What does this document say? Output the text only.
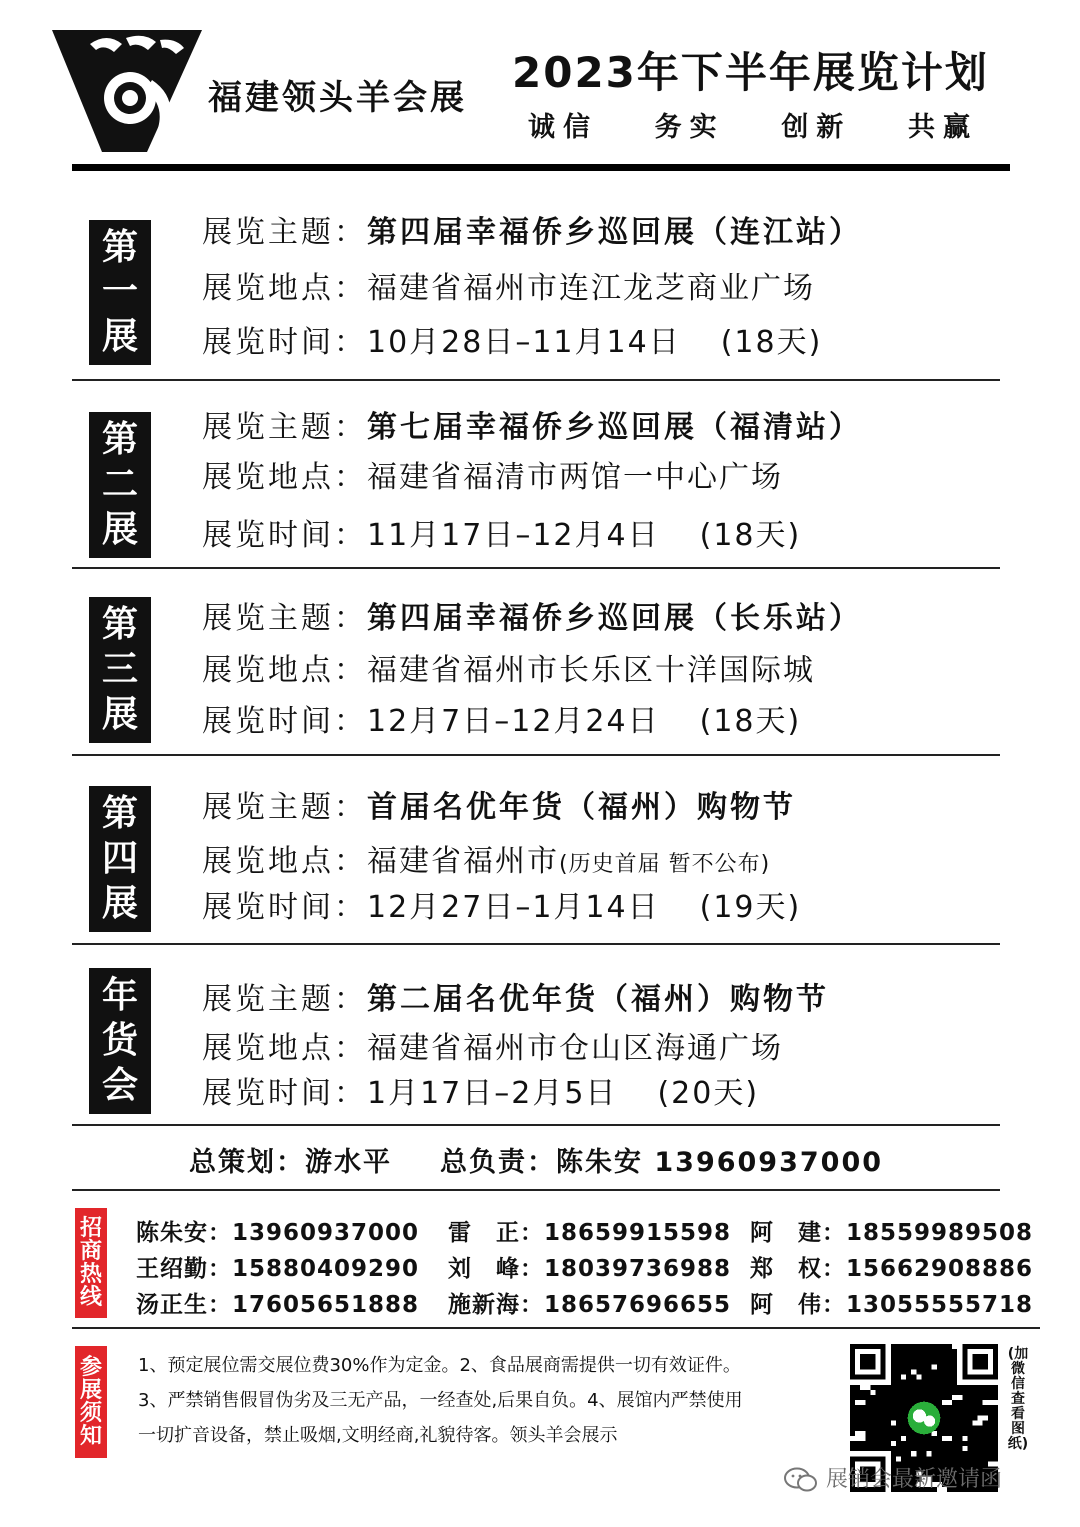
福建领头羊会展
2023年下半年展览计划
诚信 务实 创新 共赢
第
一
展
展览主题：第四届幸福侨乡巡回展（连江站）
展览地点：福建省福州市连江龙芝商业广场
展览时间：10月28日–11月14日 (18天)
第
二
展
展览主题：第七届幸福侨乡巡回展（福清站）
展览地点：福建省福清市两馆一中心广场
展览时间：11月17日–12月4日 (18天)
第
三
展
展览主题：第四届幸福侨乡巡回展（长乐站）
展览地点：福建省福州市长乐区十洋国际城
展览时间：12月7日–12月24日 (18天)
第
四
展
展览主题：首届名优年货（福州）购物节
展览地点：福建省福州市(历史首届 暂不公布)
展览时间：12月27日–1月14日 (19天)
年
货
会
展览主题：第二届名优年货（福州）购物节
展览地点：福建省福州市仓山区海通广场
展览时间：1月17日–2月5日 (20天)
总策划：游水平 总负责：陈朱安 13960937000
招
商
热
线
陈朱安：13960937000	雷　正：18659915598 阿　建：18559989508
王绍勤：15880409290	刘　峰：18039736988 郑　权：15662908886
汤正生：17605651888	施新海：18657696655 阿　伟：13055555718
参
展
须
知
1、预定展位需交展位费30%作为定金。2、食品展商需提供一切有效证件。
3、严禁销售假冒伪劣及三无产品，一经查处,后果自负。4、展馆内严禁使用
一切扩音设备，禁止吸烟,文明经商,礼貌待客。领头羊会展示
(加微信查看图纸)
展销会最新邀请函
